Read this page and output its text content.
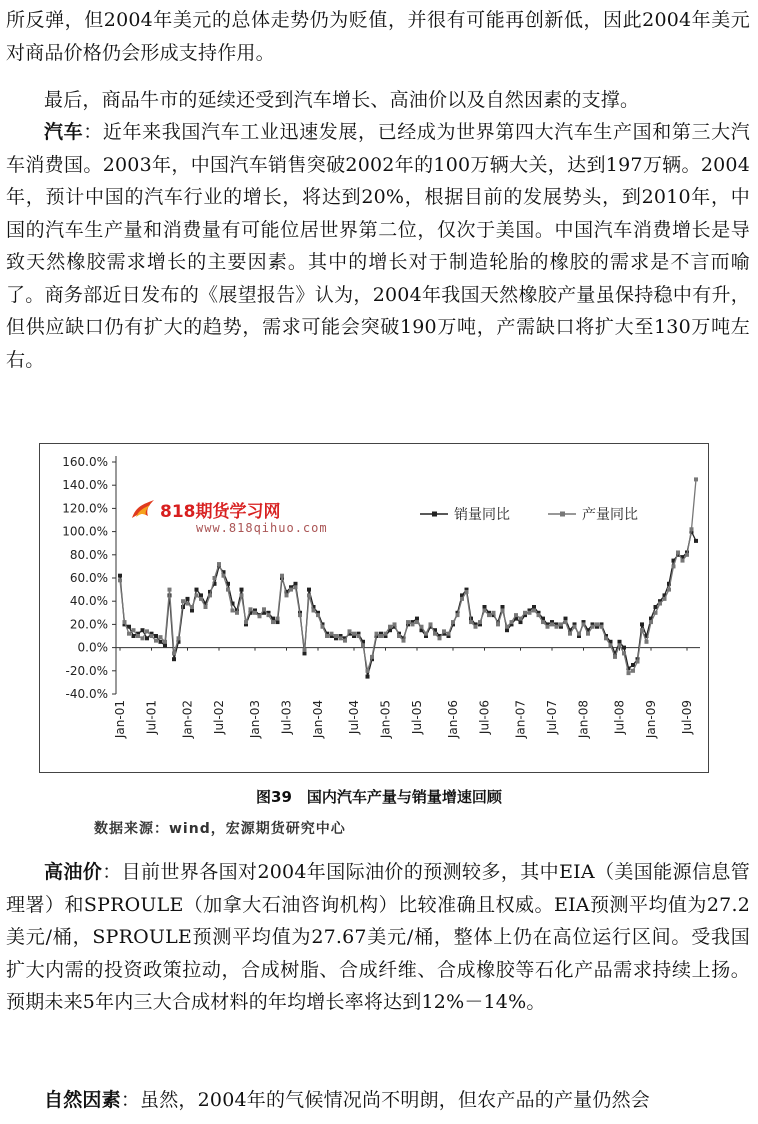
所反弹，但2004年美元的总体走势仍为贬值，并很有可能再创新低，因此2004年美元对商品价格仍会形成支持作用。

最后，商品牛市的延续还受到汽车增长、高油价以及自然因素的支撑。

汽车：近年来我国汽车工业迅速发展，已经成为世界第四大汽车生产国和第三大汽车消费国。2003年，中国汽车销售突破2002年的100万辆大关，达到197万辆。2004年，预计中国的汽车行业的增长，将达到20%，根据目前的发展势头，到2010年，中国的汽车生产量和消费量有可能位居世界第二位，仅次于美国。中国汽车消费增长是导致天然橡胶需求增长的主要因素。其中的增长对于制造轮胎的橡胶的需求是不言而喻了。商务部近日发布的《展望报告》认为，2004年我国天然橡胶产量虽保持稳中有升，但供应缺口仍有扩大的趋势，需求可能会突破190万吨，产需缺口将扩大至130万吨左右。

-40.0%
-20.0%
0.0%
20.0%
40.0%
60.0%
80.0%
100.0%
120.0%
140.0%
160.0%
Jan-01 Jul-01 Jan-02 Jul-02 Jan-03 Jul-03 Jan-04 Jul-04 Jan-05 Jul-05 Jan-06 Jul-06 Jan-07 Jul-07 Jan-08 Jul-08 Jan-09 Jul-09
销量同比	产量同比
818期货学习网
www.818qihuo.com
图39　国内汽车产量与销量增速回顾
数据来源：wind，宏源期货研究中心

高油价：目前世界各国对2004年国际油价的预测较多，其中EIA（美国能源信息管理署）和SPROULE（加拿大石油咨询机构）比较准确且权威。EIA预测平均值为27.2美元/桶，SPROULE预测平均值为27.67美元/桶，整体上仍在高位运行区间。受我国扩大内需的投资政策拉动，合成树脂、合成纤维、合成橡胶等石化产品需求持续上扬。预期未来5年内三大合成材料的年均增长率将达到12%－14%。

自然因素：虽然，2004年的气候情况尚不明朗，但农产品的产量仍然会
